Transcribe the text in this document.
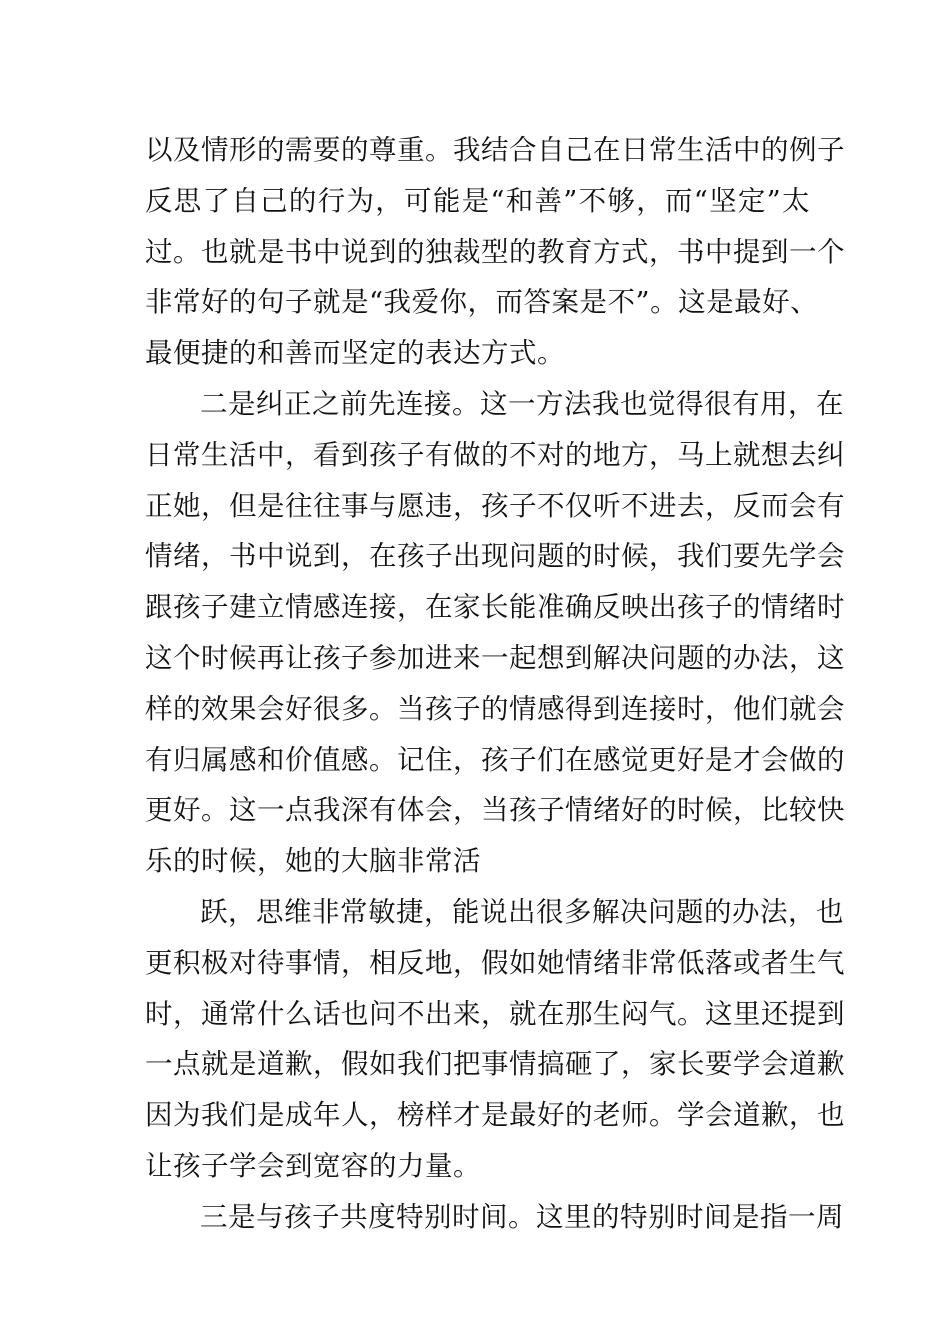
以及情形的需要的尊重。我结合自己在日常生活中的例子
反思了自己的行为，可能是“和善”不够，而“坚定”太
过。也就是书中说到的独裁型的教育方式，书中提到一个
非常好的句子就是“我爱你，而答案是不”。这是最好、
最便捷的和善而坚定的表达方式。
二是纠正之前先连接。这一方法我也觉得很有用，在
日常生活中，看到孩子有做的不对的地方，马上就想去纠
正她，但是往往事与愿违，孩子不仅听不进去，反而会有
情绪，书中说到，在孩子出现问题的时候，我们要先学会
跟孩子建立情感连接，在家长能准确反映出孩子的情绪时
这个时候再让孩子参加进来一起想到解决问题的办法，这
样的效果会好很多。当孩子的情感得到连接时，他们就会
有归属感和价值感。记住，孩子们在感觉更好是才会做的
更好。这一点我深有体会，当孩子情绪好的时候，比较快
乐的时候，她的大脑非常活
跃，思维非常敏捷，能说出很多解决问题的办法，也
更积极对待事情，相反地，假如她情绪非常低落或者生气
时，通常什么话也问不出来，就在那生闷气。这里还提到
一点就是道歉，假如我们把事情搞砸了，家长要学会道歉
因为我们是成年人，榜样才是最好的老师。学会道歉，也
让孩子学会到宽容的力量。
三是与孩子共度特别时间。这里的特别时间是指一周
